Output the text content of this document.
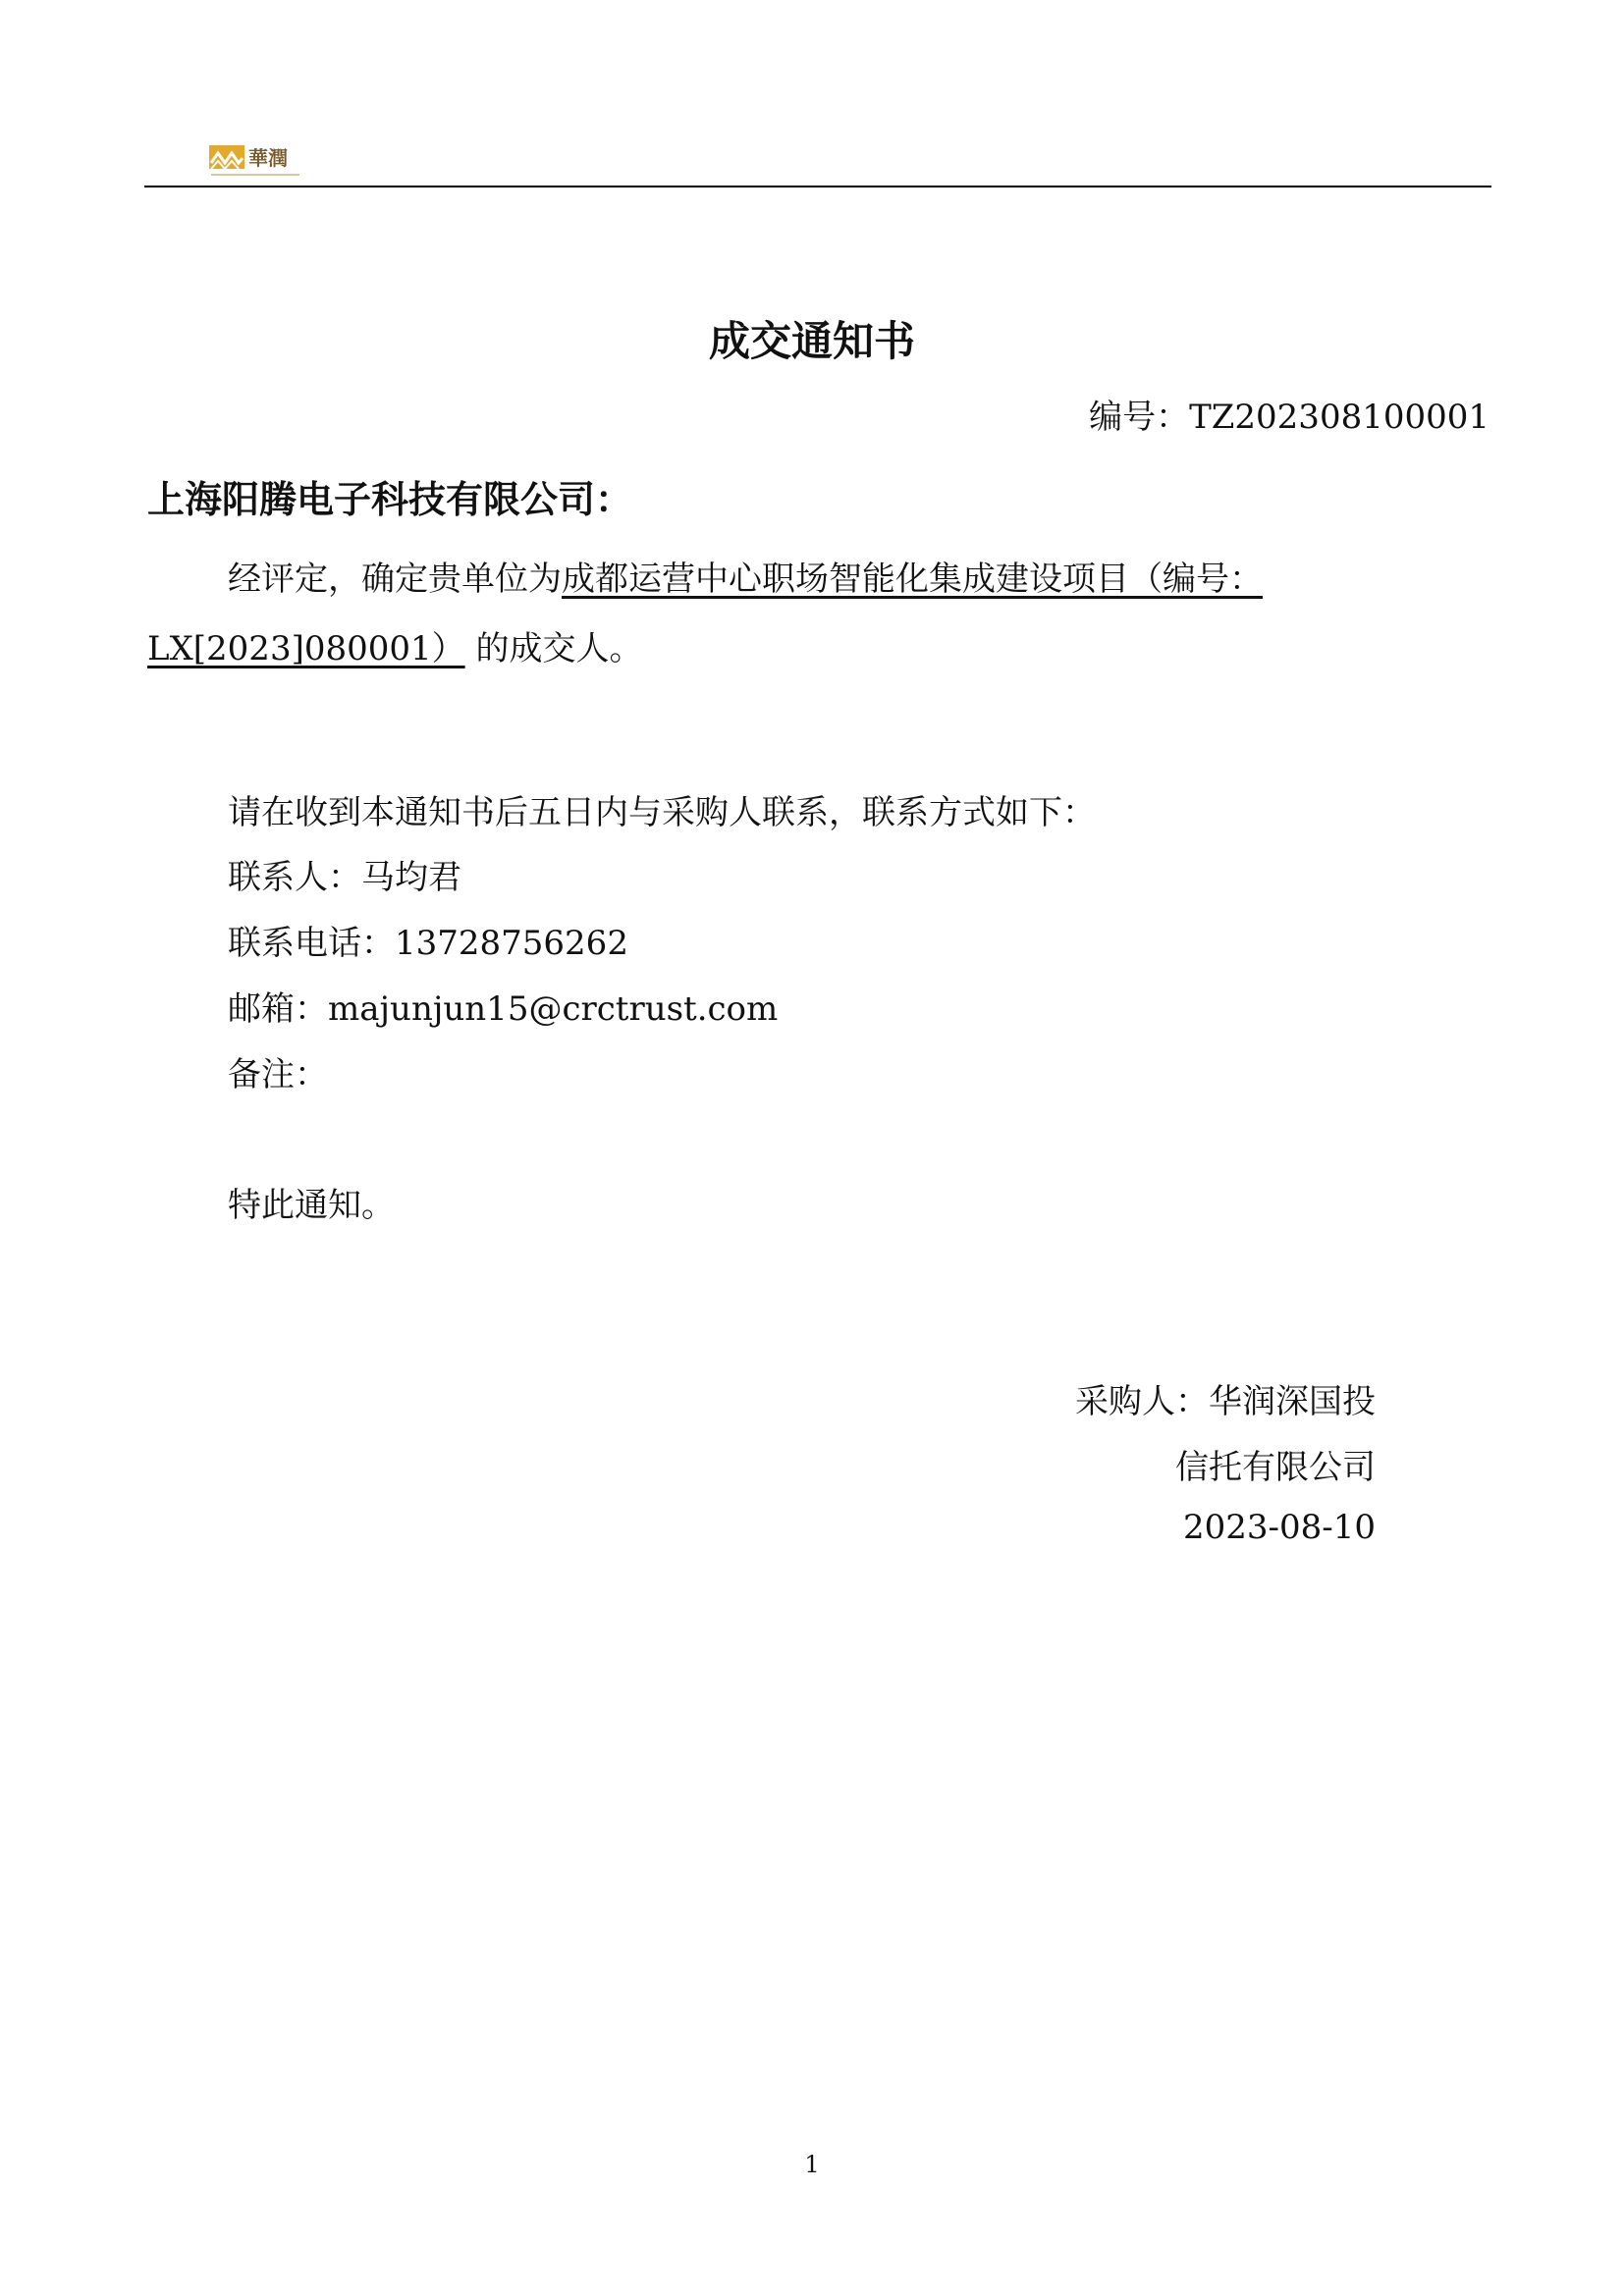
華潤
成交通知书
编号：TZ202308100001
上海阳腾电子科技有限公司：
经评定，确定贵单位为成都运营中心职场智能化集成建设项目（编号：
LX[2023]080001） 的成交人。
请在收到本通知书后五日内与采购人联系，联系方式如下：
联系人：马均君
联系电话：13728756262
邮箱：majunjun15@crctrust.com
备注：
特此通知。
采购人：华润深国投
信托有限公司
2023-08-10
1
